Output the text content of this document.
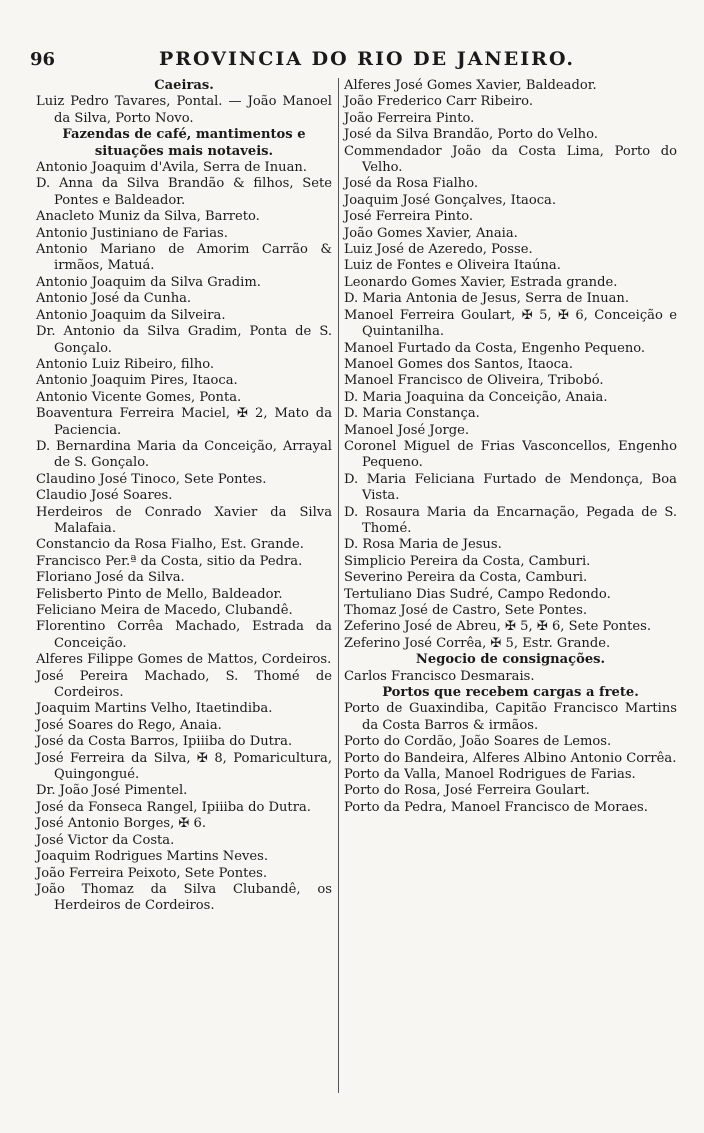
96	PROVINCIA DO RIO DE JANEIRO.

Caeiras.

Luiz Pedro Tavares, Pontal. — João Manoel da Silva, Porto Novo.

Fazendas de café, mantimentos e situações mais notaveis.

Antonio Joaquim d'Avila, Serra de Inuan.

D. Anna da Silva Brandão & filhos, Sete Pontes e Baldeador.

Anacleto Muniz da Silva, Barreto.

Antonio Justiniano de Farias.

Antonio Mariano de Amorim Carrão & irmãos, Matuá.

Antonio Joaquim da Silva Gradim.

Antonio José da Cunha.

Antonio Joaquim da Silveira.

Dr. Antonio da Silva Gradim, Ponta de S. Gonçalo.

Antonio Luiz Ribeiro, filho.

Antonio Joaquim Pires, Itaoca.

Antonio Vicente Gomes, Ponta.

Boaventura Ferreira Maciel, ✠ 2, Mato da Paciencia.

D. Bernardina Maria da Conceição, Arrayal de S. Gonçalo.

Claudino José Tinoco, Sete Pontes.

Claudio José Soares.

Herdeiros de Conrado Xavier da Silva Malafaia.

Constancio da Rosa Fialho, Est. Grande.

Francisco Per.ª da Costa, sitio da Pedra.

Floriano José da Silva.

Felisberto Pinto de Mello, Baldeador.

Feliciano Meira de Macedo, Clubandê.

Florentino Corrêa Machado, Estrada da Conceição.

Alferes Filippe Gomes de Mattos, Cordeiros.

José Pereira Machado, S. Thomé de Cordeiros.

Joaquim Martins Velho, Itaetindiba.

José Soares do Rego, Anaia.

José da Costa Barros, Ipiiiba do Dutra.

José Ferreira da Silva, ✠ 8, Pomaricultura, Quingongué.

Dr. João José Pimentel.

José da Fonseca Rangel, Ipiiiba do Dutra.

José Antonio Borges, ✠ 6.

José Victor da Costa.

Joaquim Rodrigues Martins Neves.

João Ferreira Peixoto, Sete Pontes.

João Thomaz da Silva Clubandê, os Herdeiros de Cordeiros.

Alferes José Gomes Xavier, Baldeador.

João Frederico Carr Ribeiro.

João Ferreira Pinto.

José da Silva Brandão, Porto do Velho.

Commendador João da Costa Lima, Porto do Velho.

José da Rosa Fialho.

Joaquim José Gonçalves, Itaoca.

José Ferreira Pinto.

João Gomes Xavier, Anaia.

Luiz José de Azeredo, Posse.

Luiz de Fontes e Oliveira Itaúna.

Leonardo Gomes Xavier, Estrada grande.

D. Maria Antonia de Jesus, Serra de Inuan.

Manoel Ferreira Goulart, ✠ 5, ✠ 6, Conceição e Quintanilha.

Manoel Furtado da Costa, Engenho Pequeno.

Manoel Gomes dos Santos, Itaoca.

Manoel Francisco de Oliveira, Tribobó.

D. Maria Joaquina da Conceição, Anaia.

D. Maria Constança.

Manoel José Jorge.

Coronel Miguel de Frias Vasconcellos, Engenho Pequeno.

D. Maria Feliciana Furtado de Mendonça, Boa Vista.

D. Rosaura Maria da Encarnação, Pegada de S. Thomé.

D. Rosa Maria de Jesus.

Simplicio Pereira da Costa, Camburi.

Severino Pereira da Costa, Camburi.

Tertuliano Dias Sudré, Campo Redondo.

Thomaz José de Castro, Sete Pontes.

Zeferino José de Abreu, ✠ 5, ✠ 6, Sete Pontes.

Zeferino José Corrêa, ✠ 5, Estr. Grande.

Negocio de consignações.

Carlos Francisco Desmarais.

Portos que recebem cargas a frete.

Porto de Guaxindiba, Capitão Francisco Martins da Costa Barros & irmãos.

Porto do Cordão, João Soares de Lemos.

Porto do Bandeira, Alferes Albino Antonio Corrêa.

Porto da Valla, Manoel Rodrigues de Farias.

Porto do Rosa, José Ferreira Goulart.

Porto da Pedra, Manoel Francisco de Moraes.
